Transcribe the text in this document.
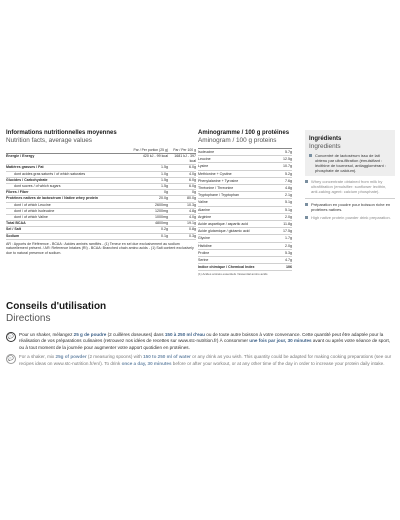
Informations nutritionnelles moyennes
Nutrition facts, average values
Par / Per portion (25 g)	Par / Per 100 g
Énergie / Energy	420 kJ - 99 kcal	1681 kJ - 397 kcal
Matières grasses / Fat	1.5g	6.0g
dont acides gras saturés / of which saturates	1.0g	4.0g
Glucides / Carbohydrate	1.5g	6.0g
dont sucres / of which sugars	1.5g	6.0g
Fibres / Fiber	0g	0g
Protéines natives de lactosérum / Native whey protein	20.0g	80.0g
dont / of which Leucine	2600mg	10.3g
dont / of which Isoleucine	1200mg	4.8g
dont / of which Valine	1000mg	4.0g
Total BCAA	4800mg	19.1g
Sel / Salt	0.2g	0.8g
Sodium	0.1g	0.3g
AR : Apports de Référence - BCAA : Acides aminés ramifiés - (1) Teneur en sel due exclusivement au sodium naturellement présent. / AR: Reference Intakes (RI) - BCAA: Branched chain amino acids - (1) Salt content exclusively due to natural presence of sodium.
Aminogramme / 100 g protéines
Aminogram / 100 g proteins
Isoleucine	5.7g
Leucine	12.5g
Lysine	10.7g
Methionine + Cystine	5.2g
Phenylalanine + Tyrosine	7.6g
Thréonine / Threonine	4.8g
Tryptophane / Tryptophan	2.1g
Valine	5.1g
Alanine	5.1g
Arginine	2.0g
Acide aspartique / aspartic acid	11.8g
Acide glutamique / glutamic acid	17.5g
Glycine	1.7g
Histidine	2.0g
Proline	5.3g
Serine	4.7g
Indice chimique / Chemical Index	106
(1) Acides aminés essentiels / Essential amino acids
Ingrédients
Ingredients
Concentré de lactosérum issu de lait obtenu par ultra-filtration (émulsifiant : lécithine de tournesol, antiagglomérant : phosphate de calcium).
Whey concentrate obtained from milk by ultrafiltration (emulsifier: sunflower lecithin, anti-caking agent: calcium phosphate).
Préparation en poudre pour boisson riche en protéines natives.
High native protein powder drink preparation.
Conseils d'utilisation
Directions
💬	Pour un shaker, mélangez 25 g de poudre (2 cuillères doseuses) dans 150 à 250 ml d'eau ou de toute autre boisson à votre convenance. Cette quantité peut être adaptée pour la réalisation de vos préparations culinaires (retrouvez nos idées de recettes sur www.stc-nutrition.fr) À consommer une fois par jour, 30 minutes avant ou après votre séance de sport, ou à tout moment de la journée pour augmenter votre apport quotidien en protéines.
💬	For a shaker, mix 25g of powder (2 measuring spoons) with 150 to 250 ml of water or any drink as you wish. This quantity could be adapted for making cooking preparations (see our recipes ideas on www.stc-nutrition.fr/en/). To drink once a day, 30 minutes before or after your workout, or at any other time of the day in order to increase your protein daily intake.
